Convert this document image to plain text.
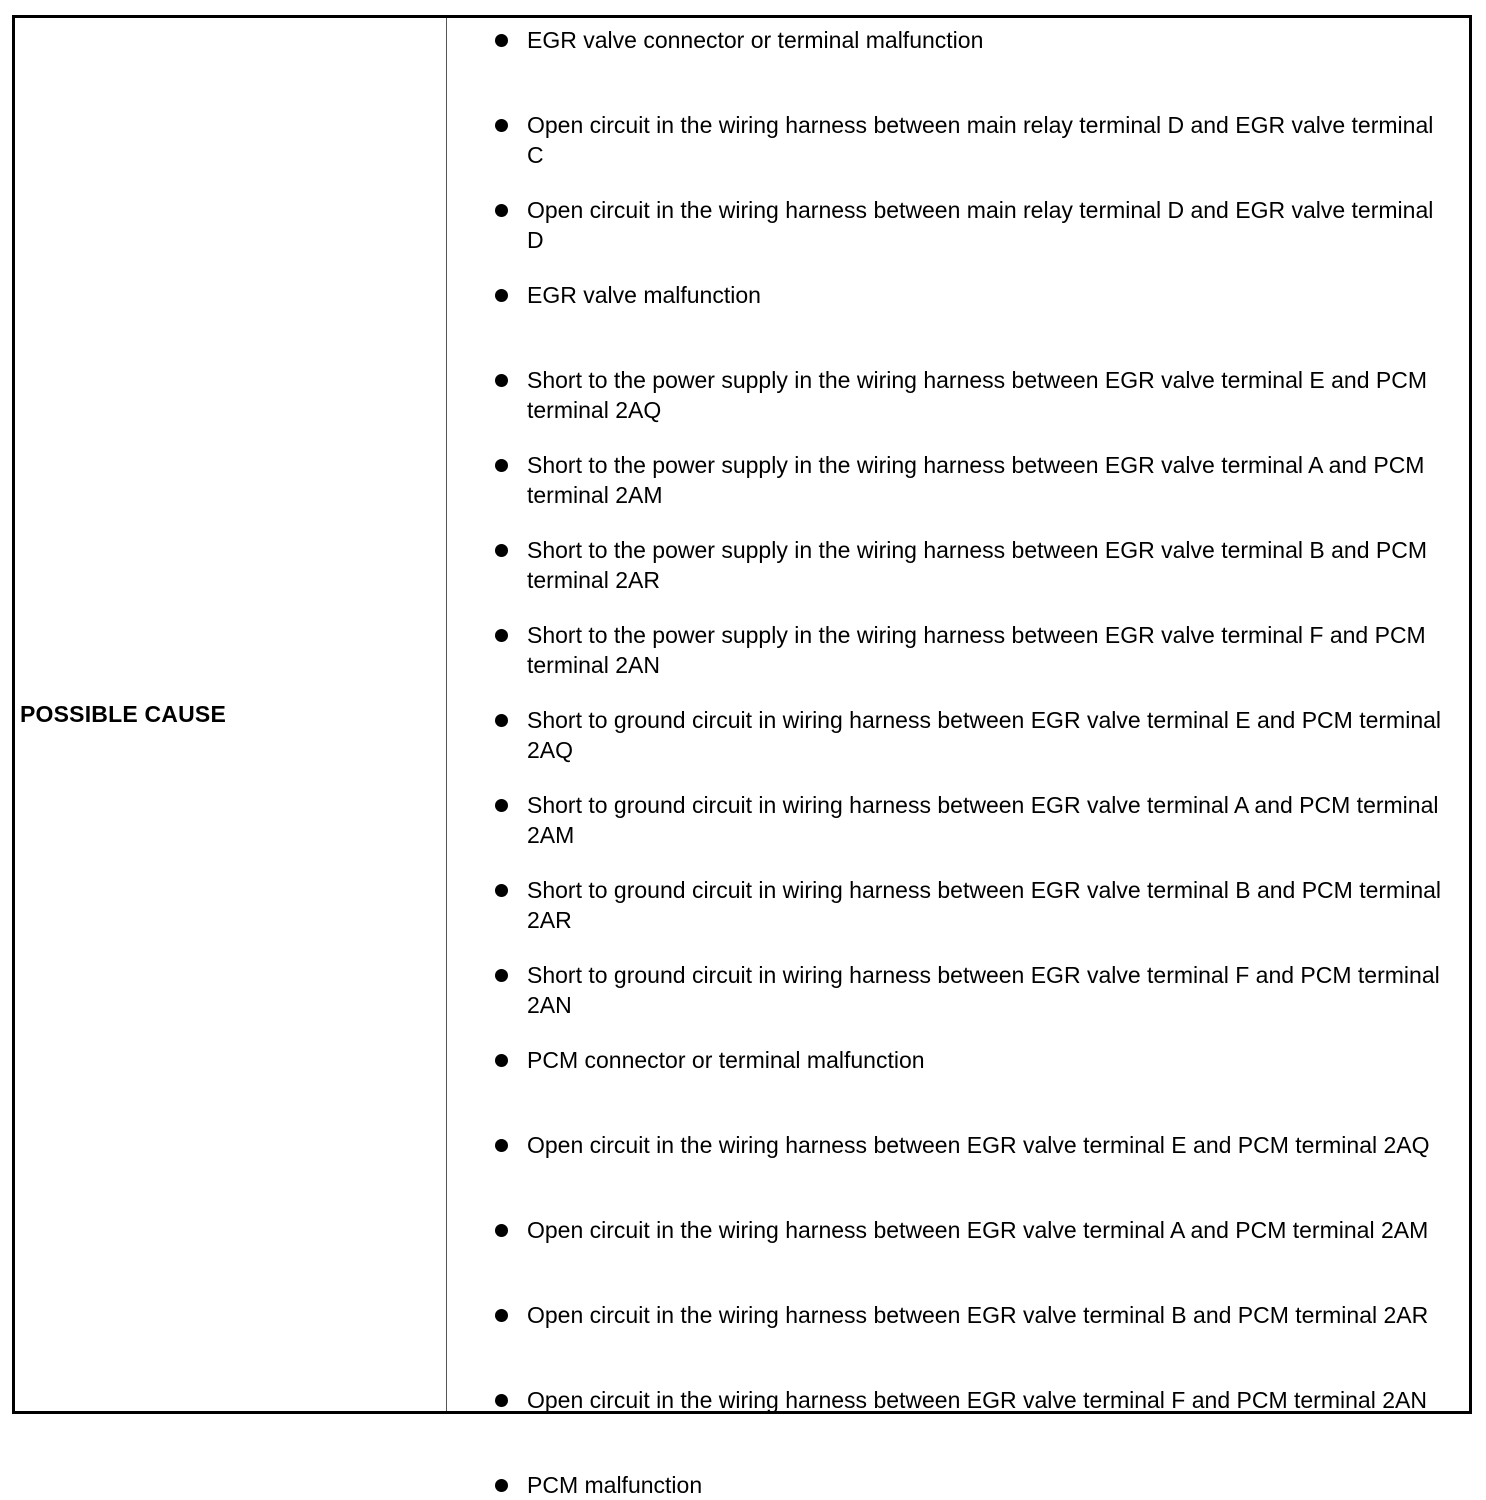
POSSIBLE CAUSE
EGR valve connector or terminal malfunction
Open circuit in the wiring harness between main relay terminal D and EGR valve terminal C
Open circuit in the wiring harness between main relay terminal D and EGR valve terminal D
EGR valve malfunction
Short to the power supply in the wiring harness between EGR valve terminal E and PCM terminal 2AQ
Short to the power supply in the wiring harness between EGR valve terminal A and PCM terminal 2AM
Short to the power supply in the wiring harness between EGR valve terminal B and PCM terminal 2AR
Short to the power supply in the wiring harness between EGR valve terminal F and PCM terminal 2AN
Short to ground circuit in wiring harness between EGR valve terminal E and PCM terminal 2AQ
Short to ground circuit in wiring harness between EGR valve terminal A and PCM terminal 2AM
Short to ground circuit in wiring harness between EGR valve terminal B and PCM terminal 2AR
Short to ground circuit in wiring harness between EGR valve terminal F and PCM terminal 2AN
PCM connector or terminal malfunction
Open circuit in the wiring harness between EGR valve terminal E and PCM terminal 2AQ
Open circuit in the wiring harness between EGR valve terminal A and PCM terminal 2AM
Open circuit in the wiring harness between EGR valve terminal B and PCM terminal 2AR
Open circuit in the wiring harness between EGR valve terminal F and PCM terminal 2AN
PCM malfunction
